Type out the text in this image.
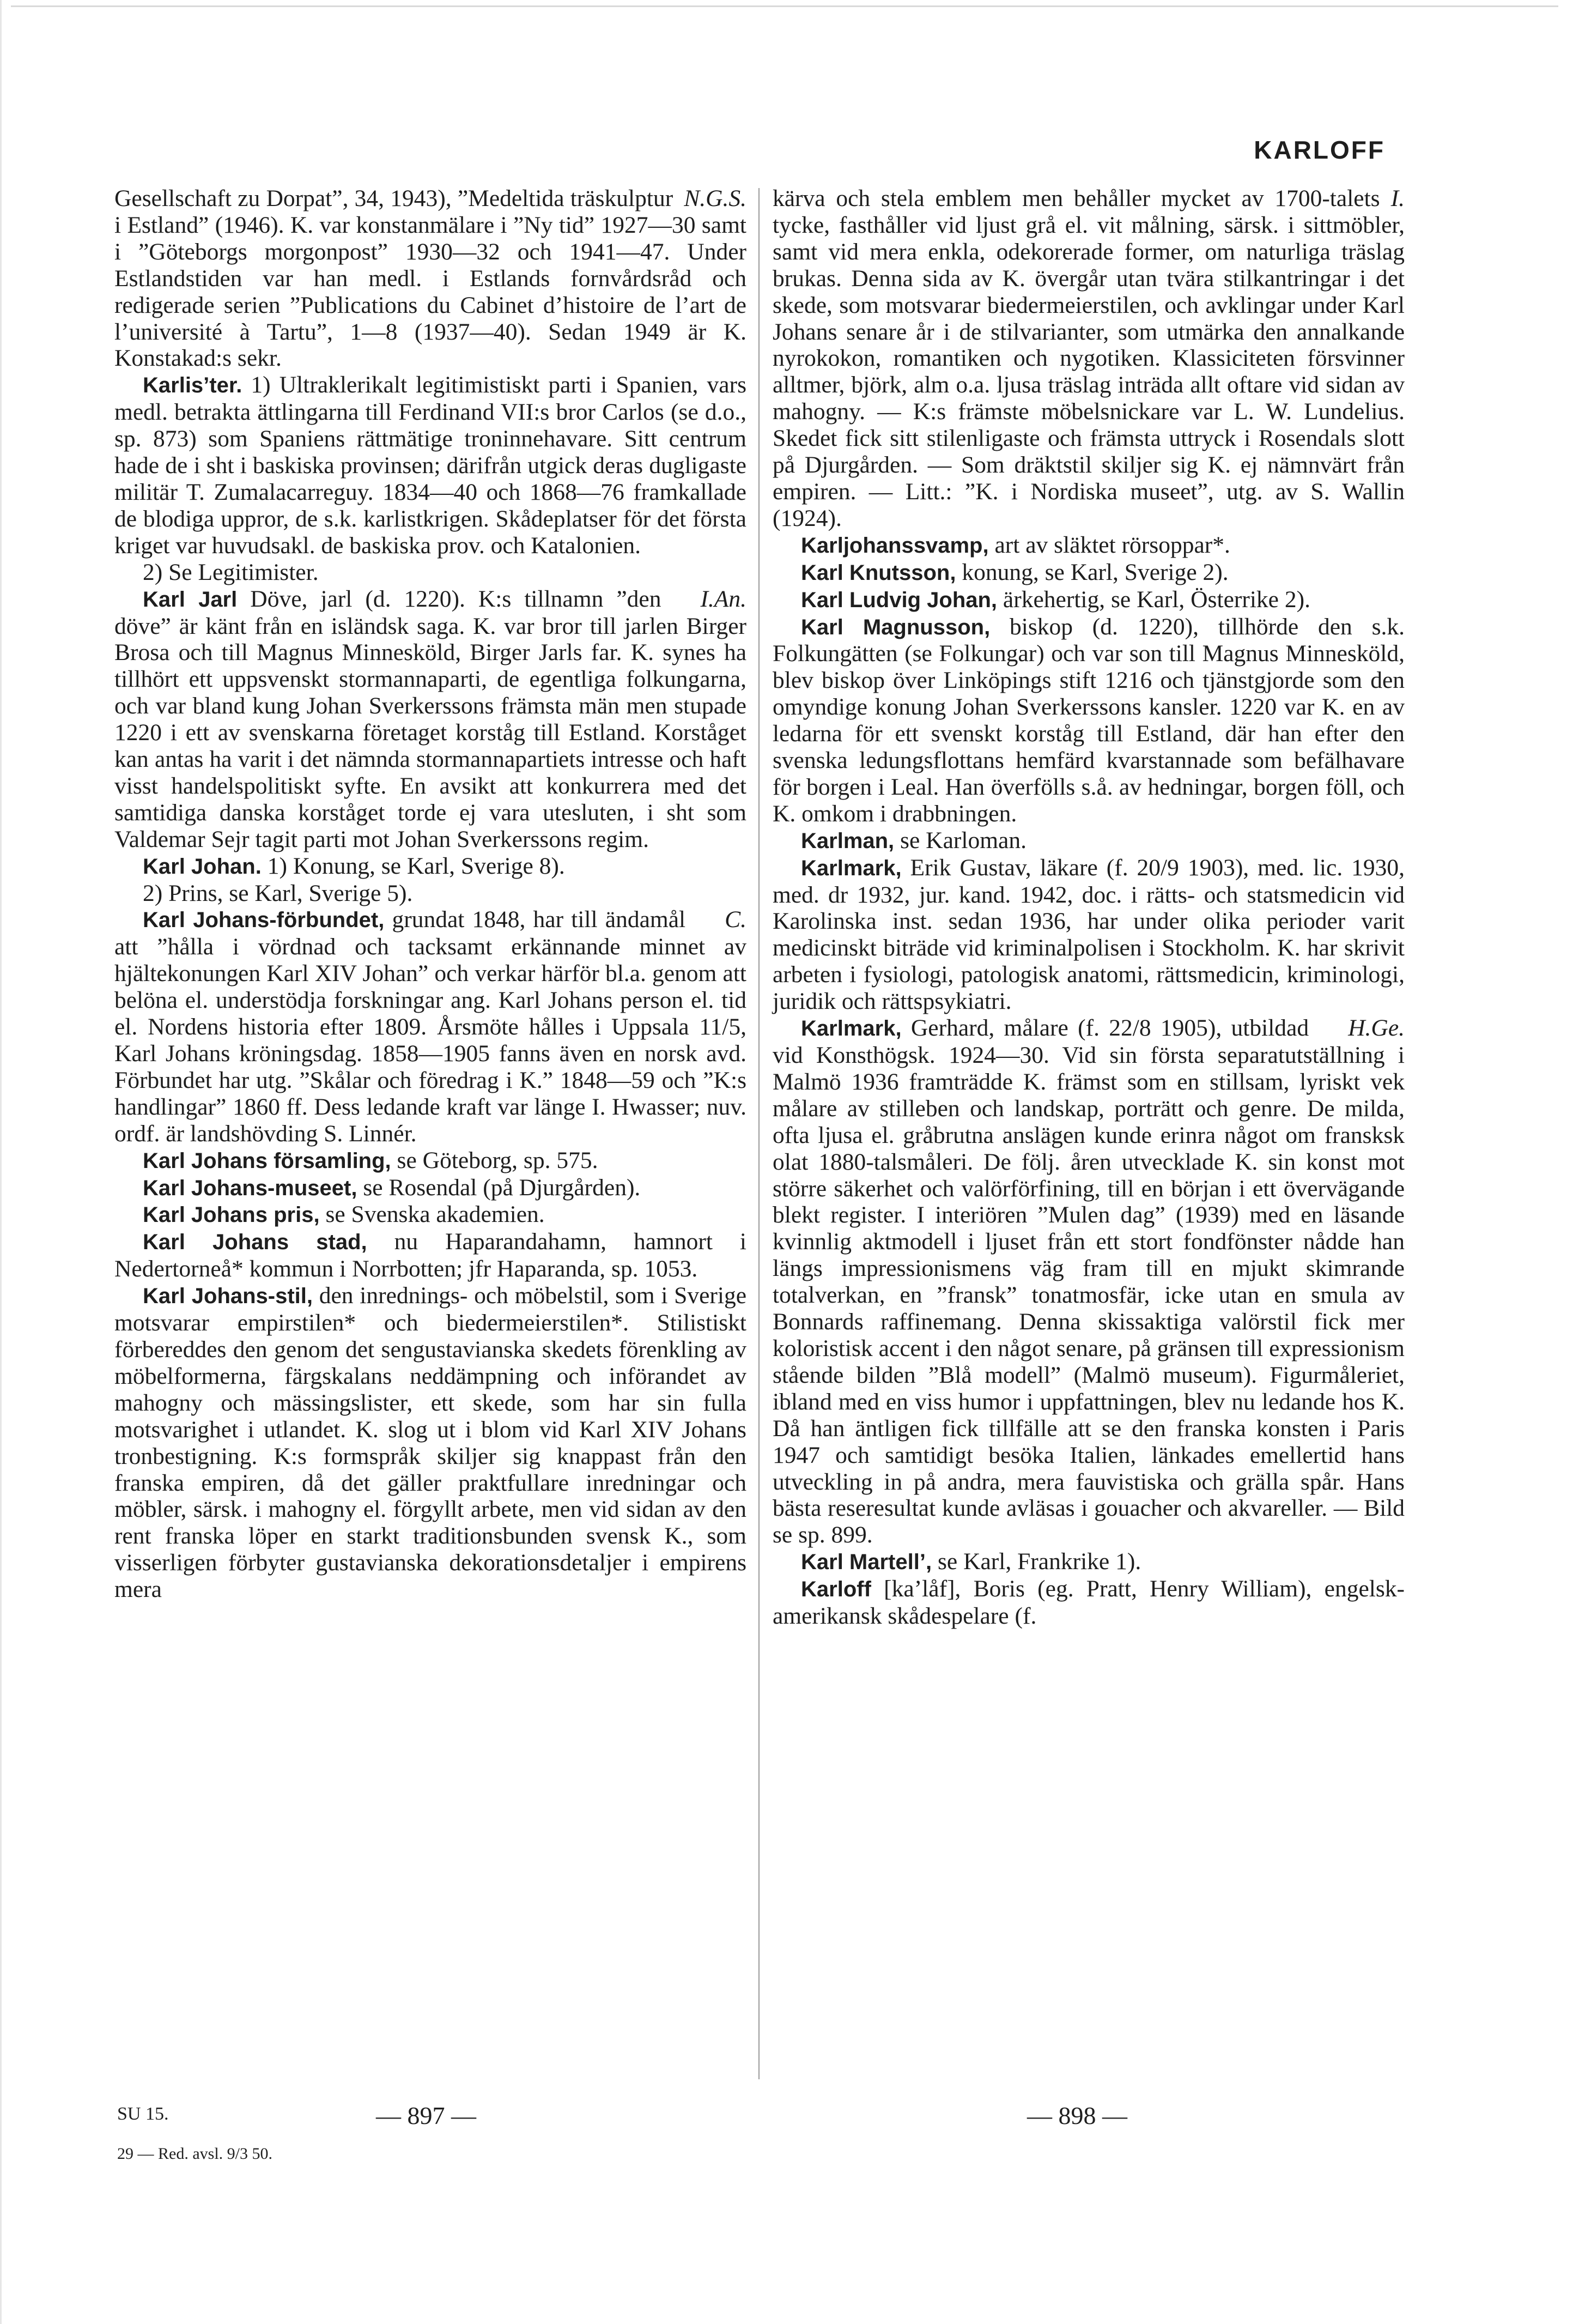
KARLOFF

N.G.S.
Gesellschaft zu Dorpat”, 34, 1943), ”Medeltida träskulptur i Estland” (1946). K. var konstanmälare i ”Ny tid” 1927—30 samt i ”Göteborgs morgonpost” 1930—32 och 1941—47. Under Estlandstiden var han medl. i Estlands fornvårdsråd och redigerade serien ”Publications du Cabinet d’histoire de l’art de l’université à Tartu”, 1—8 (1937—40). Sedan 1949 är K. Konstakad:s sekr.

Karlis’ter. 1) Ultraklerikalt legitimistiskt parti i Spanien, vars medl. betrakta ättlingarna till Ferdinand VII:s bror Carlos (se d.o., sp. 873) som Spaniens rättmätige troninnehavare. Sitt centrum hade de i sht i baskiska provinsen; därifrån utgick deras dugligaste militär T. Zumalacarreguy. 1834—40 och 1868—76 framkallade de blodiga uppror, de s.k. karlistkrigen. Skådeplatser för det första kriget var huvudsakl. de baskiska prov. och Katalonien.

2) Se Legitimister.

I.An.
Karl Jarl Döve, jarl (d. 1220). K:s tillnamn ”den döve” är känt från en isländsk saga. K. var bror till jarlen Birger Brosa och till Magnus Minnesköld, Birger Jarls far. K. synes ha tillhört ett uppsvenskt stormannaparti, de egentliga folkungarna, och var bland kung Johan Sverkerssons främsta män men stupade 1220 i ett av svenskarna företaget korståg till Estland. Korståget kan antas ha varit i det nämnda stormannapartiets intresse och haft visst handelspolitiskt syfte. En avsikt att konkurrera med det samtidiga danska korståget torde ej vara utesluten, i sht som Valdemar Sejr tagit parti mot Johan Sverkerssons regim.

Karl Johan. 1) Konung, se Karl, Sverige 8).

2) Prins, se Karl, Sverige 5).

C.
Karl Johans-förbundet, grundat 1848, har till ändamål att ”hålla i vördnad och tacksamt erkännande minnet av hjältekonungen Karl XIV Johan” och verkar härför bl.a. genom att belöna el. understödja forskningar ang. Karl Johans person el. tid el. Nordens historia efter 1809. Årsmöte hålles i Uppsala 11/5, Karl Johans kröningsdag. 1858—1905 fanns även en norsk avd. Förbundet har utg. ”Skålar och föredrag i K.” 1848—59 och ”K:s handlingar” 1860 ff. Dess ledande kraft var länge I. Hwasser; nuv. ordf. är landshövding S. Linnér.

Karl Johans församling, se Göteborg, sp. 575.

Karl Johans-museet, se Rosendal (på Djurgården).

Karl Johans pris, se Svenska akademien.

Karl Johans stad, nu Haparandahamn, hamnort i Nedertorneå* kommun i Norrbotten; jfr Haparanda, sp. 1053.

Karl Johans-stil, den inrednings- och möbelstil, som i Sverige motsvarar empirstilen* och biedermeierstilen*. Stilistiskt förbereddes den genom det sengustavianska skedets förenkling av möbelformerna, färgskalans neddämpning och införandet av mahogny och mässingslister, ett skede, som har sin fulla motsvarighet i utlandet. K. slog ut i blom vid Karl XIV Johans tronbestigning. K:s formspråk skiljer sig knappast från den franska empiren, då det gäller praktfullare inredningar och möbler, särsk. i mahogny el. förgyllt arbete, men vid sidan av den rent franska löper en starkt traditionsbunden svensk K., som visserligen förbyter gustavianska dekorationsdetaljer i empirens mera

I.
kärva och stela emblem men behåller mycket av 1700-talets tycke, fasthåller vid ljust grå el. vit målning, särsk. i sittmöbler, samt vid mera enkla, odekorerade former, om naturliga träslag brukas. Denna sida av K. övergår utan tvära stilkantringar i det skede, som motsvarar biedermeierstilen, och avklingar under Karl Johans senare år i de stilvarianter, som utmärka den annalkande nyrokokon, romantiken och nygotiken. Klassiciteten försvinner alltmer, björk, alm o.a. ljusa träslag inträda allt oftare vid sidan av mahogny. — K:s främste möbelsnickare var L. W. Lundelius. Skedet fick sitt stilenligaste och främsta uttryck i Rosendals slott på Djurgården. — Som dräktstil skiljer sig K. ej nämnvärt från empiren. — Litt.: ”K. i Nordiska museet”, utg. av S. Wallin (1924).

Karljohanssvamp, art av släktet rörsoppar*.

Karl Knutsson, konung, se Karl, Sverige 2).

Karl Ludvig Johan, ärkehertig, se Karl, Österrike 2).

Karl Magnusson, biskop (d. 1220), tillhörde den s.k. Folkungätten (se Folkungar) och var son till Magnus Minnesköld, blev biskop över Linköpings stift 1216 och tjänstgjorde som den omyndige konung Johan Sverkerssons kansler. 1220 var K. en av ledarna för ett svenskt korståg till Estland, där han efter den svenska ledungsflottans hemfärd kvarstannade som befälhavare för borgen i Leal. Han överfölls s.å. av hedningar, borgen föll, och K. omkom i drabbningen.

Karlman, se Karloman.

Karlmark, Erik Gustav, läkare (f. 20/9 1903), med. lic. 1930, med. dr 1932, jur. kand. 1942, doc. i rätts- och statsmedicin vid Karolinska inst. sedan 1936, har under olika perioder varit medicinskt biträde vid kriminalpolisen i Stockholm. K. har skrivit arbeten i fysiologi, patologisk anatomi, rättsmedicin, kriminologi, juridik och rättspsykiatri.

H.Ge.
Karlmark, Gerhard, målare (f. 22/8 1905), utbildad vid Konsthögsk. 1924—30. Vid sin första separatutställning i Malmö 1936 framträdde K. främst som en stillsam, lyriskt vek målare av stilleben och landskap, porträtt och genre. De milda, ofta ljusa el. gråbrutna anslägen kunde erinra något om fransksk olat 1880-talsmåleri. De följ. åren utvecklade K. sin konst mot större säkerhet och valörförfining, till en början i ett övervägande blekt register. I interiören ”Mulen dag” (1939) med en läsande kvinnlig aktmodell i ljuset från ett stort fondfönster nådde han längs impressionismens väg fram till en mjukt skimrande totalverkan, en ”fransk” tonatmosfär, icke utan en smula av Bonnards raffinemang. Denna skissaktiga valörstil fick mer koloristisk accent i den något senare, på gränsen till expressionism stående bilden ”Blå modell” (Malmö museum). Figurmåleriet, ibland med en viss humor i uppfattningen, blev nu ledande hos K. Då han äntligen fick tillfälle att se den franska konsten i Paris 1947 och samtidigt besöka Italien, länkades emellertid hans utveckling in på andra, mera fauvistiska och grälla spår. Hans bästa reseresultat kunde avläsas i gouacher och akvareller. — Bild se sp. 899.

Karl Martell’, se Karl, Frankrike 1).

Karloff [ka’låf], Boris (eg. Pratt, Henry William), engelsk-amerikansk skådespelare (f.

SU 15.
29 — Red. avsl. 9/3 50.
— 897 —	— 898 —
